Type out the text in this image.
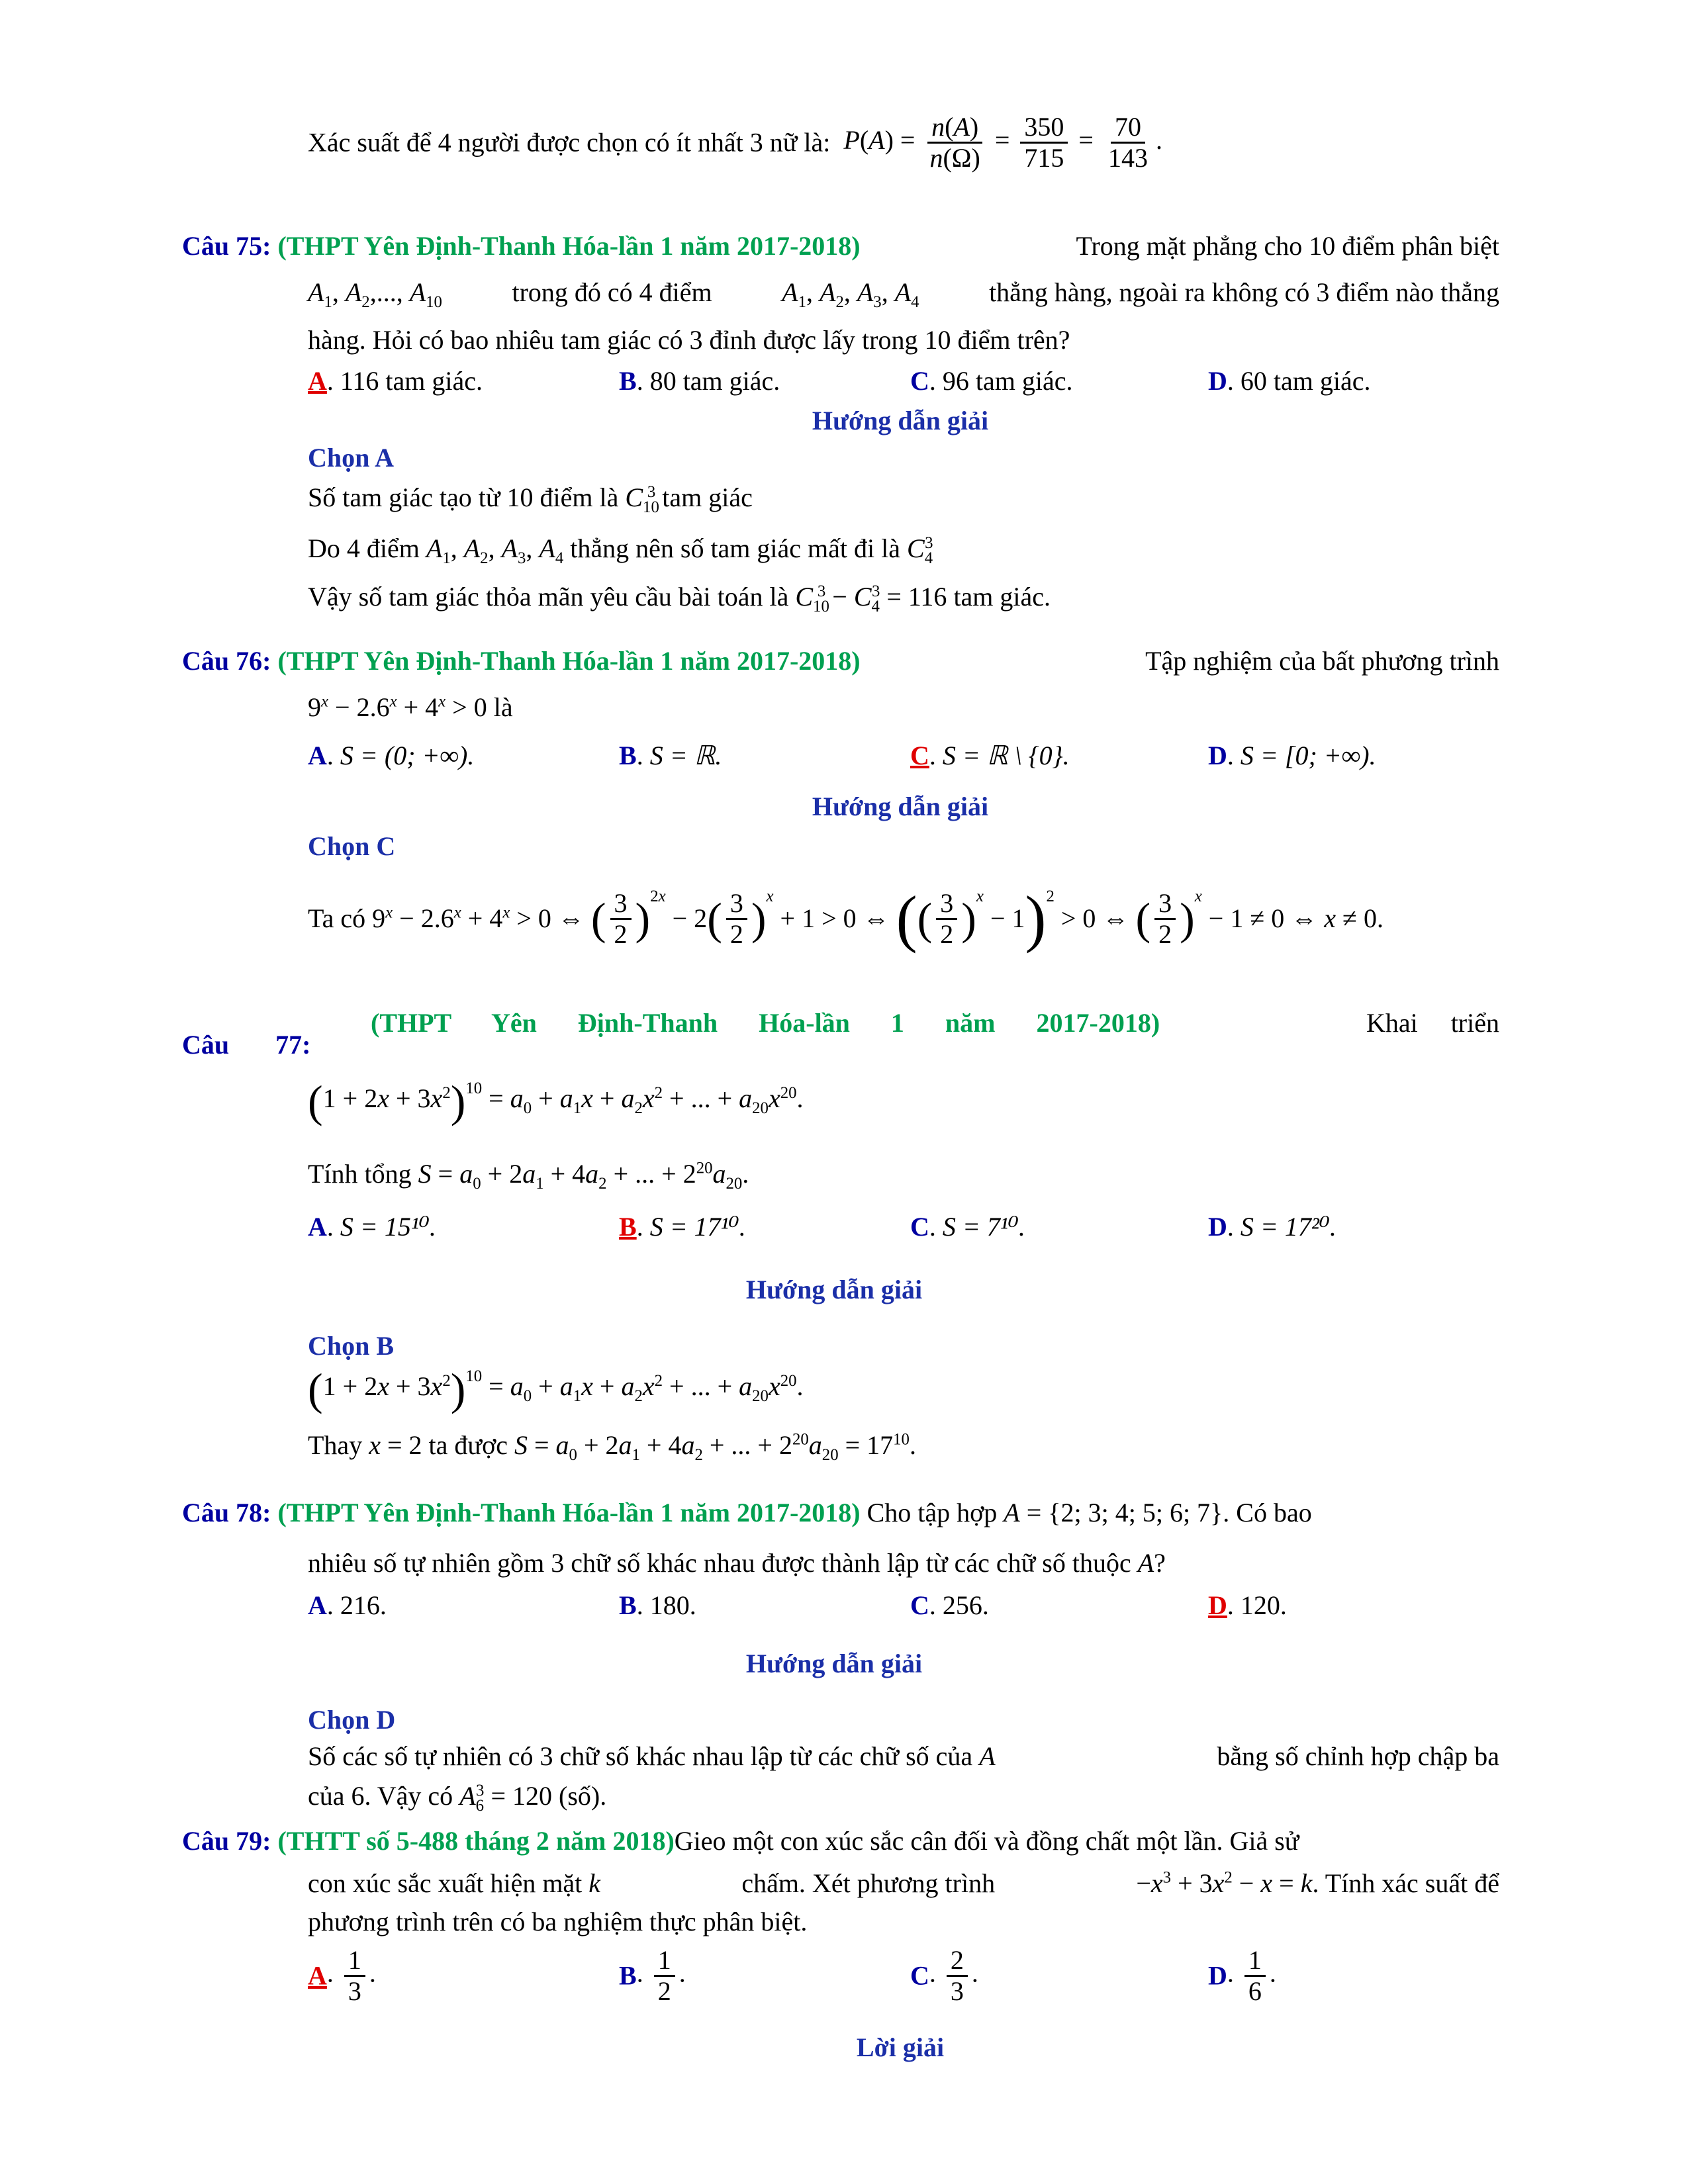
Xác suất để 4 người được chọn có ít nhất 3 nữ là: $P(A) = \frac{n(A)}{n(\Omega)} = \frac{350}{715} = \frac{70}{143}$ .
Câu 75: (THPT Yên Định-Thanh Hóa-lần 1 năm 2017-2018)	Trong mặt phẳng cho 10 điểm phân biệt
$A_1$, $A_2$,..., $A_{10}$	trong đó có 4 điểm	$A_1$, $A_2$, $A_3$, $A_4$	thẳng hàng, ngoài ra không có 3 điểm nào thẳng
hàng. Hỏi có bao nhiêu tam giác có 3 đỉnh được lấy trong 10 điểm trên?
A. 116 tam giác.	B. 80 tam giác.	C. 96 tam giác.	D. 60 tam giác.
Hướng dẫn giải
Chọn A
Số tam giác tạo từ 10 điểm là $C_{10}^3$ tam giác
Do 4 điểm $A_1$, $A_2$, $A_3$, $A_4$ thẳng nên số tam giác mất đi là $C_4^3$
Vậy số tam giác thỏa mãn yêu cầu bài toán là $C_{10}^3 - C_4^3 = 116$ tam giác.
Câu 76: (THPT Yên Định-Thanh Hóa-lần 1 năm 2017-2018)	Tập nghiệm của bất phương trình
$9^x - 2.6^x + 4^x > 0$ là
A. S = (0; +∞).	B. S = ℝ.	C. S = ℝ \ {0}.	D. S = [0; +∞).
Hướng dẫn giải
Chọn C
Ta có $9^x - 2.6^x + 4^x > 0$ ⇔ ( $\frac{3}{2} )^{2x} - 2( \frac{3}{2} )^x + 1 > 0$ ⇔ (( $\frac{3}{2} )^x - 1)^2 > 0$ ⇔ ( $\frac{3}{2} )^x - 1 \ne 0$ ⇔ x ≠ 0.
(THPT Yên Định-Thanh Hóa-lần 1 năm 2017-2018)	Khai triển
Câu 77:
$(1 + 2x + 3x^2)^{10} = a_0 + a_1x + a_2x^2$ + ... + $a_{20}x^{20}$.
Tính tổng $S = a_0 + 2a_1 + 4a_2$ + ... + $2^{20}a_{20}$.
A. S = 15¹⁰.	B. S = 17¹⁰.	C. S = 7¹⁰.	D. S = 17²⁰.
Hướng dẫn giải
Chọn B
$(1 + 2x + 3x^2)^{10} = a_0 + a_1x + a_2x^2$ + ... + $a_{20}x^{20}$.
Thay x = 2 ta được $S = a_0 + 2a_1 + 4a_2$ + ... + $2^{20}a_{20} = 17^{10}$.
Câu 78: (THPT Yên Định-Thanh Hóa-lần 1 năm 2017-2018) Cho tập hợp A = {2; 3; 4; 5; 6; 7}. Có bao
nhiêu số tự nhiên gồm 3 chữ số khác nhau được thành lập từ các chữ số thuộc A?
A. 216.	B. 180.	C. 256.	D. 120.
Hướng dẫn giải
Chọn D
Số các số tự nhiên có 3 chữ số khác nhau lập từ các chữ số của A	bằng số chỉnh hợp chập ba
của 6. Vậy có $A_6^3 = 120$ (số).
Câu 79: (THTT số 5-488 tháng 2 năm 2018)Gieo một con xúc sắc cân đối và đồng chất một lần. Giả sử
con xúc sắc xuất hiện mặt k	chấm. Xét phương trình	$-x^3 + 3x^2 - x = k$. Tính xác suất để
phương trình trên có ba nghiệm thực phân biệt.
A. $\frac{1}{3}$ .	B. $\frac{1}{2}$ .	C. $\frac{2}{3}$ .	D. $\frac{1}{6}$ .
Lời giải
